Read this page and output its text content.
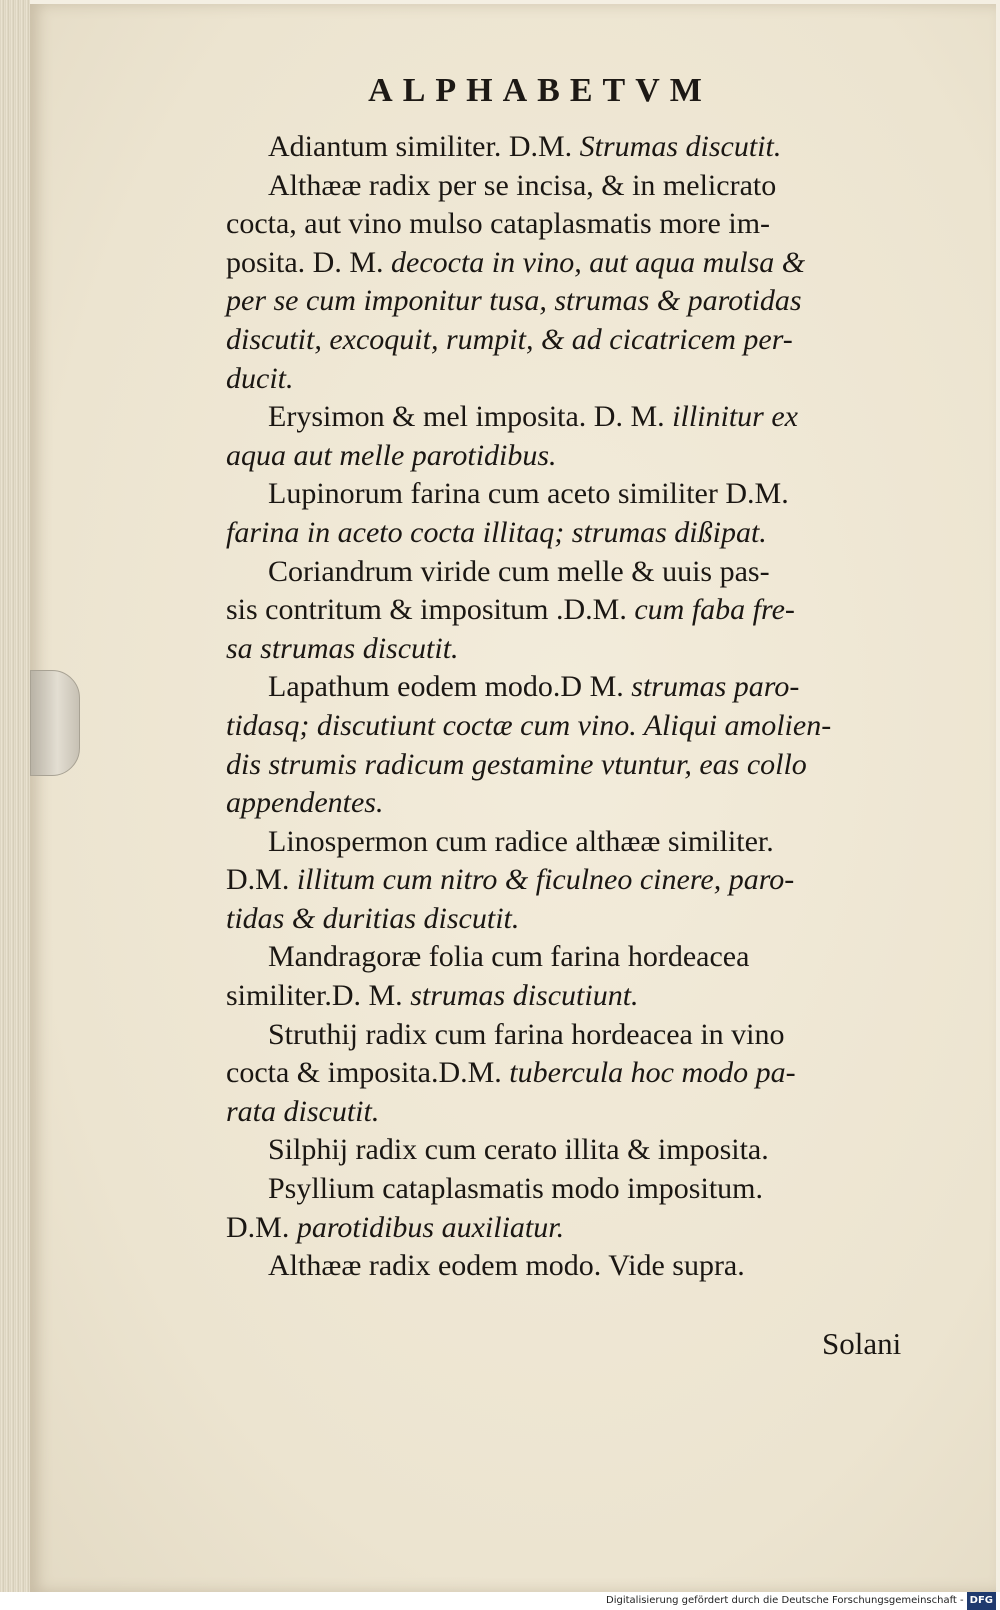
ALPHABETVM
Adiantum similiter. D.M. Strumas discutit.
Althææ radix per se incisa, & in melicrato
cocta, aut vino mulso cataplasmatis more im-
posita. D. M. decocta in vino, aut aqua mulsa &
per se cum imponitur tusa, strumas & parotidas
discutit, excoquit, rumpit, & ad cicatricem per-
ducit.
Erysimon & mel imposita. D. M. illinitur ex
aqua aut melle parotidibus.
Lupinorum farina cum aceto similiter D.M.
farina in aceto cocta illitaq; strumas dißipat.
Coriandrum viride cum melle & uuis pas-
sis contritum & impositum .D.M. cum faba fre-
sa strumas discutit.
Lapathum eodem modo.D M. strumas paro-
tidasq; discutiunt coctæ cum vino. Aliqui amolien-
dis strumis radicum gestamine vtuntur, eas collo
appendentes.
Linospermon cum radice althææ similiter.
D.M. illitum cum nitro & ficulneo cinere, paro-
tidas & duritias discutit.
Mandragoræ folia cum farina hordeacea
similiter.D. M. strumas discutiunt.
Struthij radix cum farina hordeacea in vino
cocta & imposita.D.M. tubercula hoc modo pa-
rata discutit.
Silphij radix cum cerato illita & imposita.
Psyllium cataplasmatis modo impositum.
D.M. parotidibus auxiliatur.
Althææ radix eodem modo. Vide supra.
Solani
Digitalisierung gefördert durch die Deutsche Forschungsgemeinschaft - DFG
